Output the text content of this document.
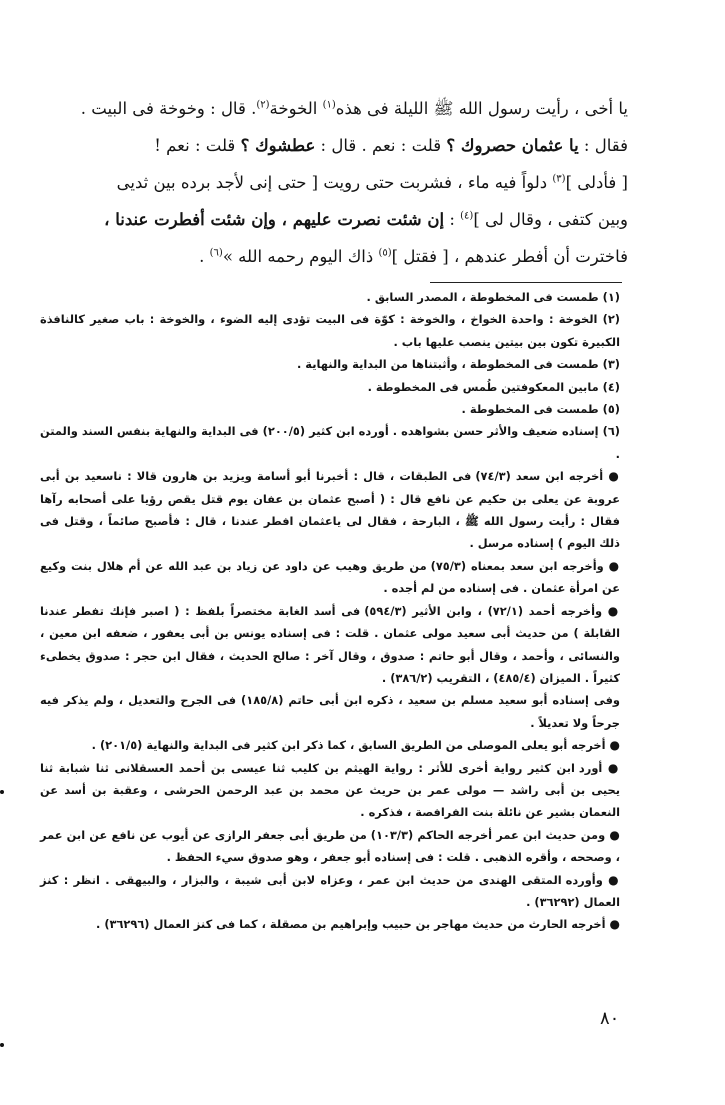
يا أخى ، رأيت رسول الله ﷺ الليلة فى هذه$^{(١)}$ الخوخة$^{(٢)}$. قال : وخوخة فى البيت .

فقال : يا عثمان حصروك ؟ قلت : نعم . قال : عطشوك ؟ قلت : نعم !

[ فأدلى ]$^{(٣)}$ دلواً فيه ماء ، فشربت حتى رويت [ حتى إنى لأجد برده بين ثديى

وبين كتفى ، وقال لى ]$^{(٤)}$ : إن شئت نصرت عليهم ، وإن شئت أفطرت عندنا ،

فاخترت أن أفطر عندهم ، [ فقتل ]$^{(٥)}$ ذاك اليوم رحمه الله »$^{(٦)}$ .

(١) طمست فى المخطوطة ، المصدر السابق .

(٢) الخوخة : واحدة الخواخ ، والخوخة : كوّة فى البيت تؤدى إليه الضوء ، والخوخة : باب صغير كالنافذة الكبيرة تكون بين بيتين ينصب عليها باب .

(٣) طمست فى المخطوطة ، وأثبتناها من البداية والنهاية .

(٤) مابين المعكوفتين طُمس فى المخطوطة .

(٥) طمست فى المخطوطة .

(٦) إسناده ضعيف والأثر حسن بشواهده . أورده ابن كثير (٢٠٠/٥) فى البداية والنهاية بنفس السند والمتن .

● أخرجه ابن سعد (٧٤/٣) فى الطبقات ، قال : أخبرنا أبو أسامة ويزيد بن هارون قالا : ناسعيد بن أبى عروبة عن يعلى بن حكيم عن نافع قال : ( أصبح عثمان بن عفان يوم قتل يقص رؤيا على أصحابه رآها فقال : رأيت رسول الله ﷺ ، البارحة ، فقال لى ياعثمان افطر عندنا ، قال : فأصبح صائماً ، وقتل فى ذلك اليوم ) إسناده مرسل .

● وأخرجه ابن سعد بمعناه (٧٥/٣) من طريق وهيب عن داود عن زياد بن عبد الله عن أم هلال بنت وكيع عن امرأة عثمان . فى إسناده من لم أجده .

● وأخرجه أحمد (٧٢/١) ، وابن الأثير (٥٩٤/٣) فى أسد الغابة مختصراً بلفظ : ( اصبر فإنك تفطر عندنا القابلة ) من حديث أبى سعيد مولى عثمان . قلت : فى إسناده يونس بن أبى يعفور ، ضعفه ابن معين ، والنسائى ، وأحمد ، وقال أبو حاتم : صدوق ، وقال آخر : صالح الحديث ، فقال ابن حجر : صدوق يخطىء كثيراً . الميزان (٤٨٥/٤) ، التقريب (٣٨٦/٢) .

وفى إسناده أبو سعيد مسلم بن سعيد ، ذكره ابن أبى حاتم (١٨٥/٨) فى الجرح والتعديل ، ولم يذكر فيه جرحاً ولا تعديلاً .

● أخرجه أبو يعلى الموصلى من الطريق السابق ، كما ذكر ابن كثير فى البداية والنهاية (٢٠١/٥) .

● أورد ابن كثير رواية أخرى للأثر : رواية الهيثم بن كليب ثنا عيسى بن أحمد العسقلانى ثنا شبابة ثنا يحيى بن أبى راشد — مولى عمر بن حريث عن محمد بن عبد الرحمن الحرشى ، وعقبة بن أسد عن النعمان بشير عن نائلة بنت الفرافصة ، فذكره .

● ومن حديث ابن عمر أخرجه الحاكم (١٠٣/٣) من طريق أبى جعفر الرازى عن أيوب عن نافع عن ابن عمر ، وصححه ، وأقره الذهبى . قلت : فى إسناده أبو جعفر ، وهو صدوق سيء الحفظ .

● وأورده المتقى الهندى من حديث ابن عمر ، وعزاه لابن أبى شيبة ، والبزار ، والبيهقى . انظر : كنز العمال (٣٦٢٩٢) .

● أخرجه الحارث من حديث مهاجر بن حبيب وإبراهيم بن مصقلة ، كما فى كنز العمال (٣٦٢٩٦) .

٨٠
